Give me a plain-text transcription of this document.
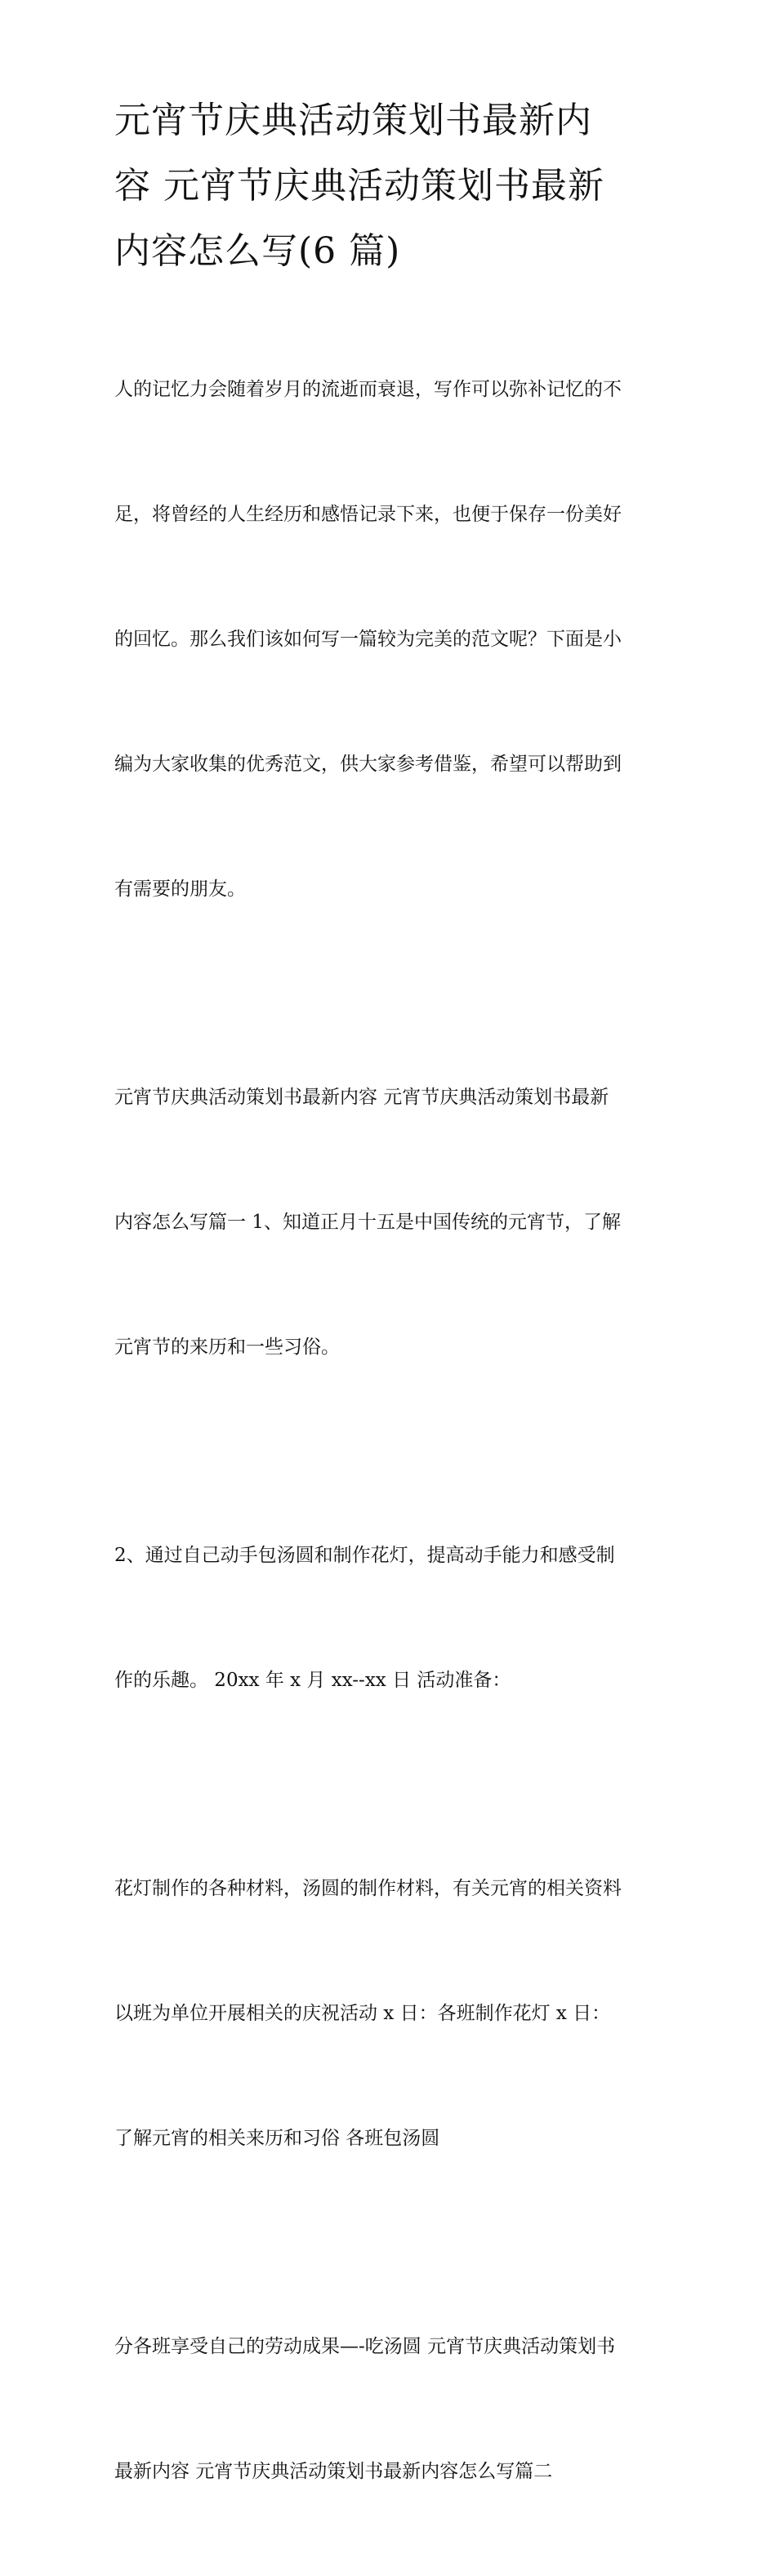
元宵节庆典活动策划书最新内
容 元宵节庆典活动策划书最新
内容怎么写(6 篇)

人的记忆力会随着岁月的流逝而衰退，写作可以弥补记忆的不

足，将曾经的人生经历和感悟记录下来，也便于保存一份美好

的回忆。那么我们该如何写一篇较为完美的范文呢？下面是小

编为大家收集的优秀范文，供大家参考借鉴，希望可以帮助到

有需要的朋友。

元宵节庆典活动策划书最新内容 元宵节庆典活动策划书最新

内容怎么写篇一 1、知道正月十五是中国传统的元宵节，了解

元宵节的来历和一些习俗。

2、通过自己动手包汤圆和制作花灯，提高动手能力和感受制

作的乐趣。 20xx 年 x 月 xx--xx 日 活动准备：

花灯制作的各种材料，汤圆的制作材料，有关元宵的相关资料

以班为单位开展相关的庆祝活动 x 日：各班制作花灯 x 日：

了解元宵的相关来历和习俗 各班包汤圆

分各班享受自己的劳动成果—-吃汤圆 元宵节庆典活动策划书

最新内容 元宵节庆典活动策划书最新内容怎么写篇二
